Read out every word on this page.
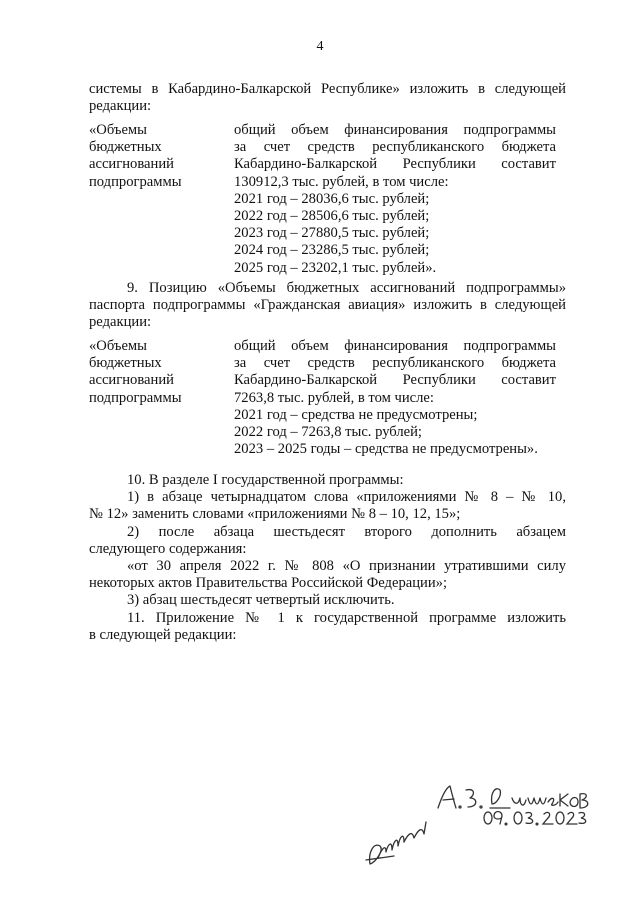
4
системы в Кабардино-Балкарской Республике» изложить в следующей
редакции:
«Объемы
бюджетных
ассигнований
подпрограммы
общий объем финансирования подпрограммы
за счет средств республиканского бюджета
Кабардино-Балкарской Республики составит
130912,3 тыс. рублей, в том числе:
2021 год – 28036,6 тыс. рублей;
2022 год – 28506,6 тыс. рублей;
2023 год – 27880,5 тыс. рублей;
2024 год – 23286,5 тыс. рублей;
2025 год – 23202,1 тыс. рублей».
9. Позицию «Объемы бюджетных ассигнований подпрограммы»
паспорта подпрограммы «Гражданская авиация» изложить в следующей
редакции:
«Объемы
бюджетных
ассигнований
подпрограммы
общий объем финансирования подпрограммы
за счет средств республиканского бюджета
Кабардино-Балкарской Республики составит
7263,8 тыс. рублей, в том числе:
2021 год – средства не предусмотрены;
2022 год – 7263,8 тыс. рублей;
2023 – 2025 годы – средства не предусмотрены».
10. В разделе I государственной программы:
1) в абзаце четырнадцатом слова «приложениями № 8 – № 10,
№ 12» заменить словами «приложениями № 8 – 10, 12, 15»;
2) после абзаца шестьдесят второго дополнить абзацем
следующего содержания:
«от 30 апреля 2022 г. № 808 «О признании утратившими силу
некоторых актов Правительства Российской Федерации»;
3) абзац шестьдесят четвертый исключить.
11. Приложение № 1 к государственной программе изложить
в следующей редакции:
